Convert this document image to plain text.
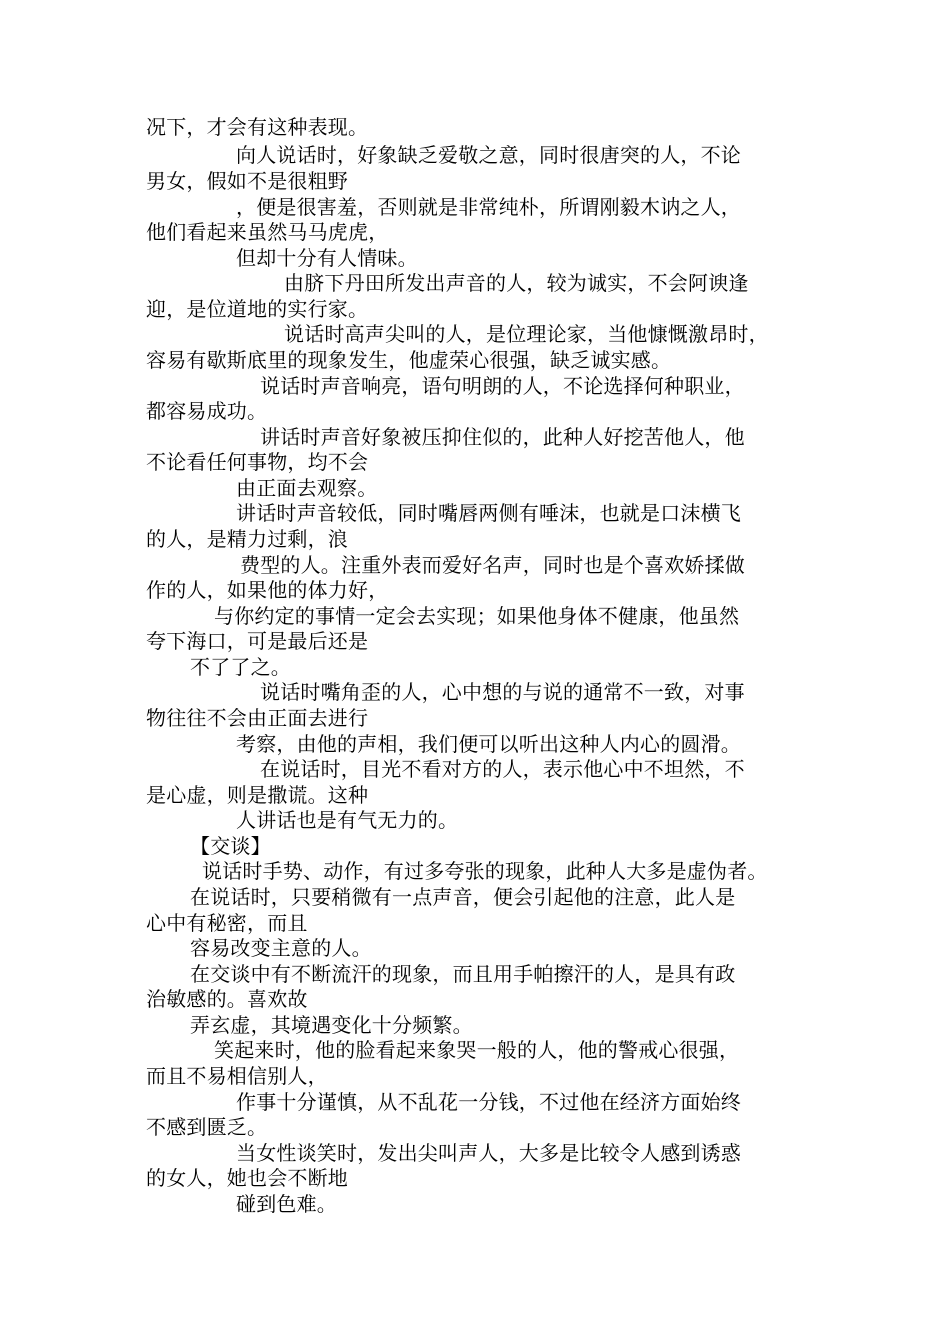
况下，才会有这种表现。
向人说话时，好象缺乏爱敬之意，同时很唐突的人，不论
男女，假如不是很粗野
，便是很害羞，否则就是非常纯朴，所谓刚毅木讷之人，
他们看起来虽然马马虎虎，
但却十分有人情味。
由脐下丹田所发出声音的人，较为诚实，不会阿谀逢
迎，是位道地的实行家。
说话时高声尖叫的人，是位理论家，当他慷慨激昂时，
容易有歇斯底里的现象发生，他虚荣心很强，缺乏诚实感。
说话时声音响亮，语句明朗的人，不论选择何种职业，
都容易成功。
讲话时声音好象被压抑住似的，此种人好挖苦他人，他
不论看任何事物，均不会
由正面去观察。
讲话时声音较低，同时嘴唇两侧有唾沫，也就是口沫横飞
的人，是精力过剩，浪
费型的人。注重外表而爱好名声，同时也是个喜欢娇揉做
作的人，如果他的体力好，
与你约定的事情一定会去实现；如果他身体不健康，他虽然
夸下海口，可是最后还是
不了了之。
说话时嘴角歪的人，心中想的与说的通常不一致，对事
物往往不会由正面去进行
考察，由他的声相，我们便可以听出这种人内心的圆滑。
在说话时，目光不看对方的人，表示他心中不坦然，不
是心虚，则是撒谎。这种
人讲话也是有气无力的。
【交谈】
说话时手势、动作，有过多夸张的现象，此种人大多是虚伪者。
在说话时，只要稍微有一点声音，便会引起他的注意，此人是
心中有秘密，而且
容易改变主意的人。
在交谈中有不断流汗的现象，而且用手帕擦汗的人，是具有政
治敏感的。喜欢故
弄玄虚，其境遇变化十分频繁。
笑起来时，他的脸看起来象哭一般的人，他的警戒心很强，
而且不易相信别人，
作事十分谨慎，从不乱花一分钱，不过他在经济方面始终
不感到匮乏。
当女性谈笑时，发出尖叫声人，大多是比较令人感到诱惑
的女人，她也会不断地
碰到色难。
